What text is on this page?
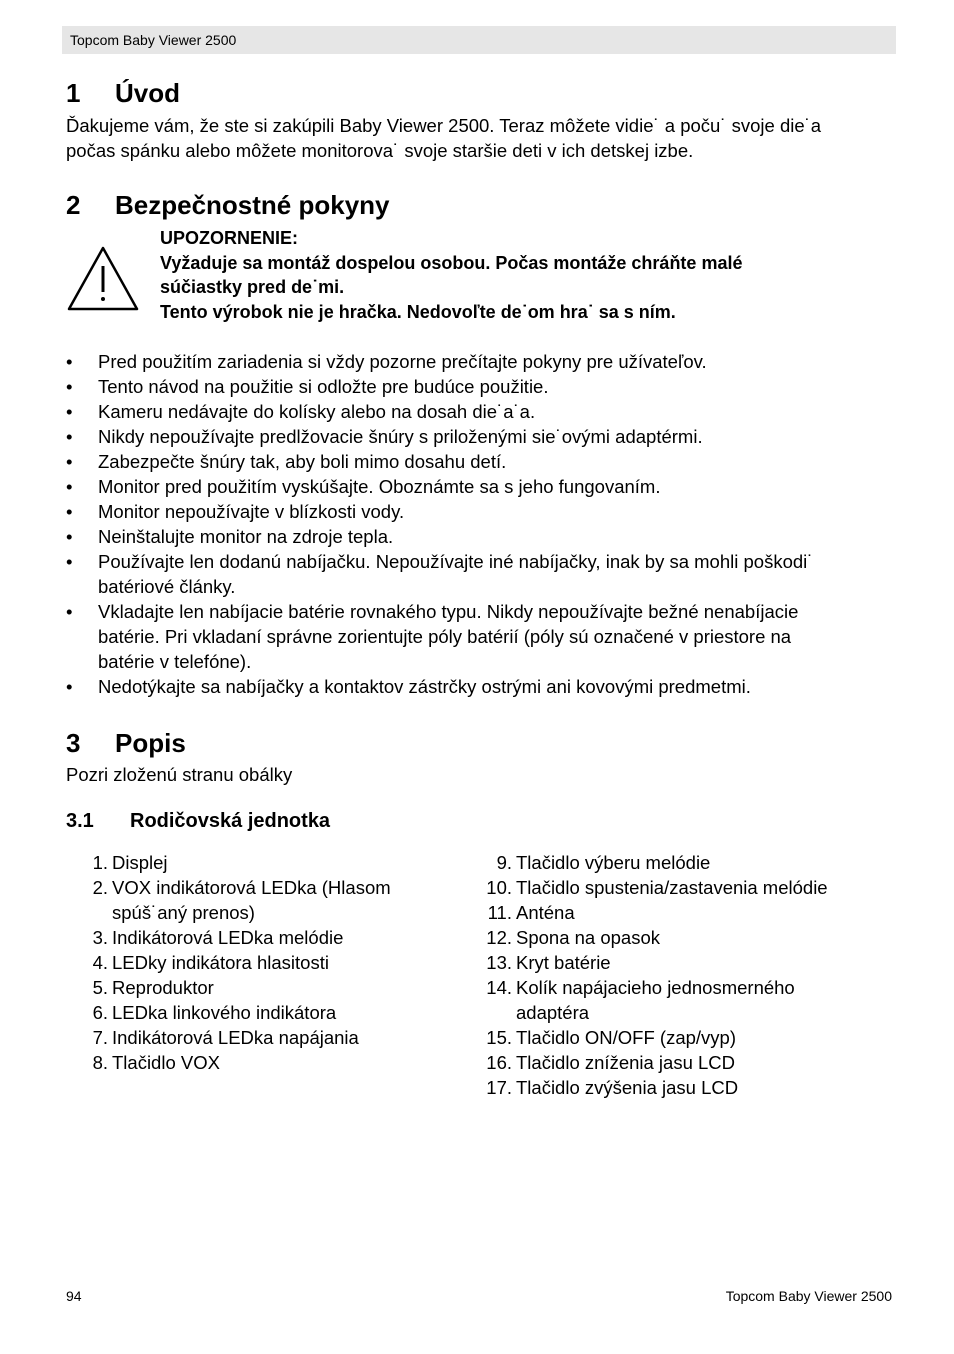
Topcom Baby Viewer 2500
1 Úvod
Ďakujeme vám, že ste si zakúpili Baby Viewer 2500. Teraz môžete vidie˙ a poču˙ svoje die˙a
počas spánku alebo môžete monitorova˙ svoje staršie deti v ich detskej izbe.
2 Bezpečnostné pokyny
UPOZORNENIE:
Vyžaduje sa montáž dospelou osobou. Počas montáže chráňte malé
súčiastky pred de˙mi.
Tento výrobok nie je hračka. Nedovoľte de˙om hra˙ sa s ním.
• Pred použitím zariadenia si vždy pozorne prečítajte pokyny pre užívateľov.
• Tento návod na použitie si odložte pre budúce použitie.
• Kameru nedávajte do kolísky alebo na dosah die˙a˙a.
• Nikdy nepoužívajte predlžovacie šnúry s priloženými sie˙ovými adaptérmi.
• Zabezpečte šnúry tak, aby boli mimo dosahu detí.
• Monitor pred použitím vyskúšajte. Oboznámte sa s jeho fungovaním.
• Monitor nepoužívajte v blízkosti vody.
• Neinštalujte monitor na zdroje tepla.
• Používajte len dodanú nabíjačku. Nepoužívajte iné nabíjačky, inak by sa mohli poškodi˙
batériové články.
• Vkladajte len nabíjacie batérie rovnakého typu. Nikdy nepoužívajte bežné nenabíjacie
batérie. Pri vkladaní správne zorientujte póly batérií (póly sú označené v priestore na
batérie v telefóne).
• Nedotýkajte sa nabíjačky a kontaktov zástrčky ostrými ani kovovými predmetmi.
3 Popis
Pozri zloženú stranu obálky
3.1 Rodičovská jednotka
1. Displej
2. VOX indikátorová LEDka (Hlasom
spúš˙aný prenos)
3. Indikátorová LEDka melódie
4. LEDky indikátora hlasitosti
5. Reproduktor
6. LEDka linkového indikátora
7. Indikátorová LEDka napájania
8. Tlačidlo VOX
9. Tlačidlo výberu melódie
10. Tlačidlo spustenia/zastavenia melódie
11. Anténa
12. Spona na opasok
13. Kryt batérie
14. Kolík napájacieho jednosmerného
adaptéra
15. Tlačidlo ON/OFF (zap/vyp)
16. Tlačidlo zníženia jasu LCD
17. Tlačidlo zvýšenia jasu LCD
94	Topcom Baby Viewer 2500
